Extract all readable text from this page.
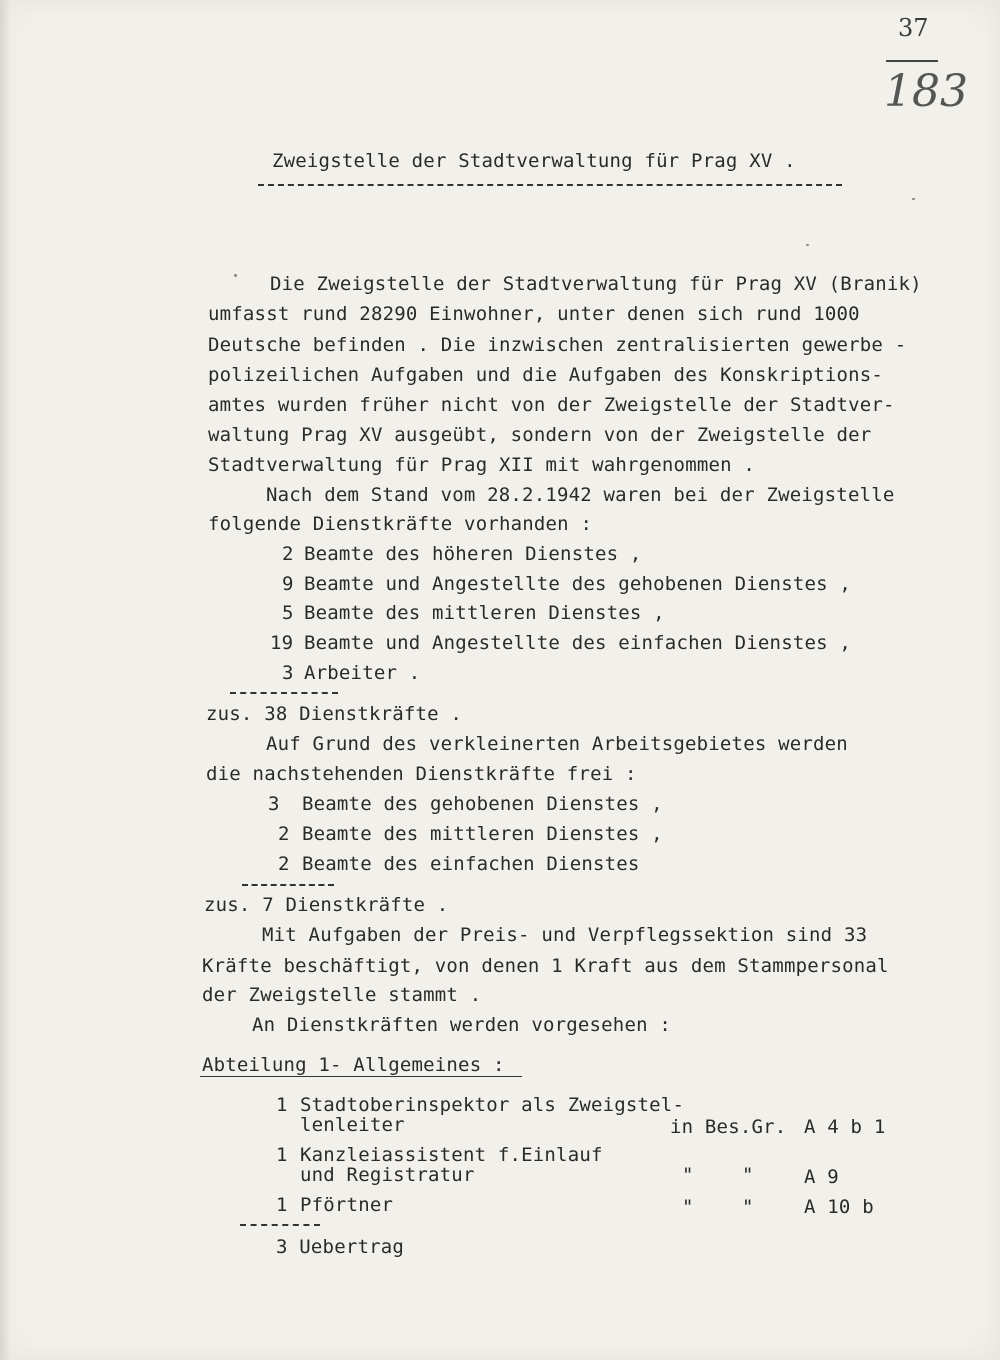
37
183
Zweigstelle der Stadtverwaltung für Prag XV .
Die Zweigstelle der Stadtverwaltung für Prag XV (Branik)
umfasst rund 28290 Einwohner, unter denen sich rund 1000
Deutsche befinden . Die inzwischen zentralisierten gewerbe -
polizeilichen Aufgaben und die Aufgaben des Konskriptions-
amtes wurden früher nicht von der Zweigstelle der Stadtver-
waltung Prag XV ausgeübt, sondern von der Zweigstelle der
Stadtverwaltung für Prag XII mit wahrgenommen .
Nach dem Stand vom 28.2.1942 waren bei der Zweigstelle
folgende Dienstkräfte vorhanden :
2 Beamte des höheren Dienstes ,
9 Beamte und Angestellte des gehobenen Dienstes ,
5 Beamte des mittleren Dienstes ,
19 Beamte und Angestellte des einfachen Dienstes ,
3 Arbeiter .
zus. 38 Dienstkräfte .
Auf Grund des verkleinerten Arbeitsgebietes werden
die nachstehenden Dienstkräfte frei :
3 Beamte des gehobenen Dienstes ,
2 Beamte des mittleren Dienstes ,
2 Beamte des einfachen Dienstes
zus. 7 Dienstkräfte .
Mit Aufgaben der Preis- und Verpflegssektion sind 33
Kräfte beschäftigt, von denen 1 Kraft aus dem Stammpersonal
der Zweigstelle stammt .
An Dienstkräften werden vorgesehen :
Abteilung 1- Allgemeines :
1 Stadtoberinspektor als Zweigstel-
lenleiter	in Bes.Gr. A 4 b 1
1 Kanzleiassistent f.Einlauf
und Registratur	"	"	A 9
1 Pförtner	"	"	A 10 b
3 Uebertrag
